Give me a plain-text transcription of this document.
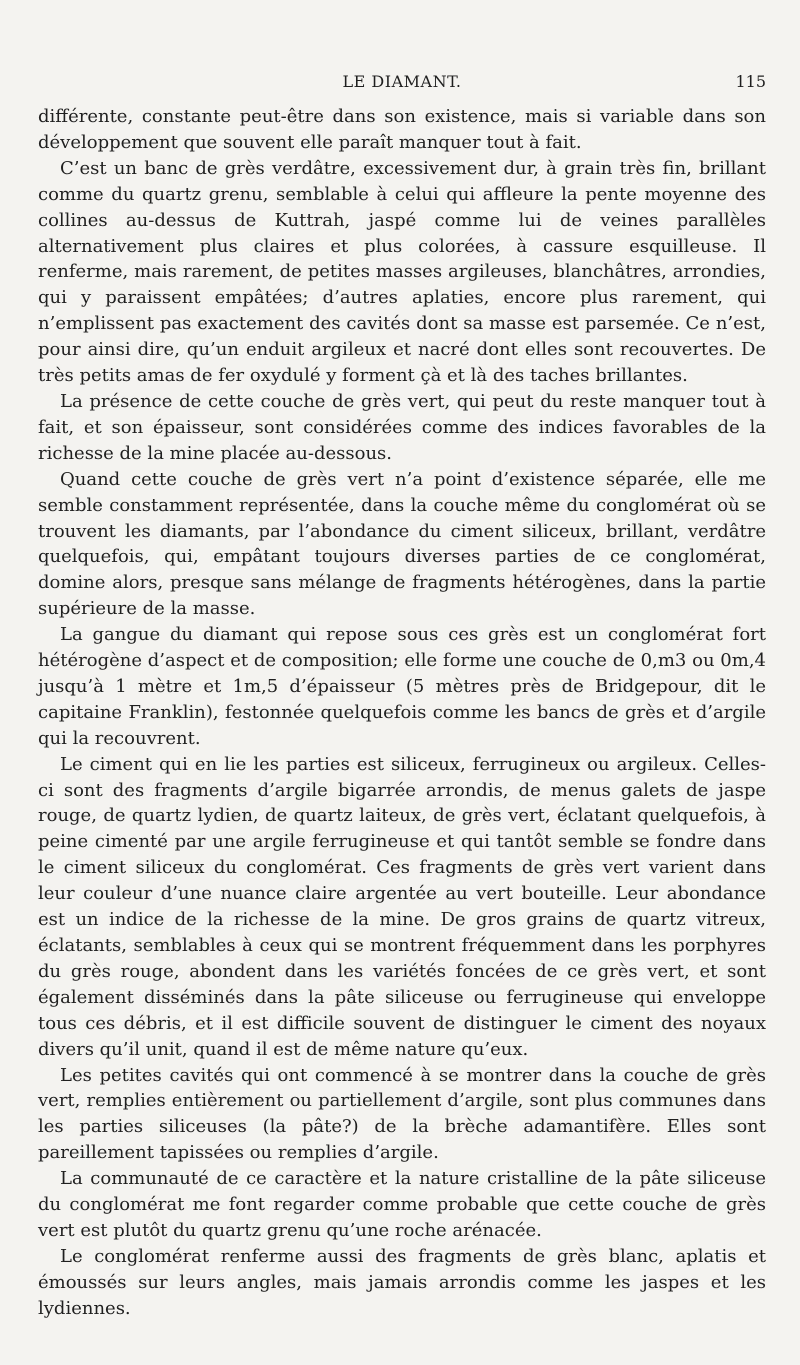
LE DIAMANT.	115

différente, constante peut-être dans son existence, mais si variable dans son développement que souvent elle paraît manquer tout à fait.

C’est un banc de grès verdâtre, excessivement dur, à grain très fin, brillant comme du quartz grenu, semblable à celui qui affleure la pente moyenne des collines au-dessus de Kuttrah, jaspé comme lui de veines parallèles alternativement plus claires et plus colorées, à cassure esquilleuse. Il renferme, mais rarement, de petites masses argileuses, blanchâtres, arrondies, qui y paraissent empâtées; d’autres aplaties, encore plus rarement, qui n’emplissent pas exactement des cavités dont sa masse est parsemée. Ce n’est, pour ainsi dire, qu’un enduit argileux et nacré dont elles sont recouvertes. De très petits amas de fer oxydulé y forment çà et là des taches brillantes.

La présence de cette couche de grès vert, qui peut du reste manquer tout à fait, et son épaisseur, sont considérées comme des indices favorables de la richesse de la mine placée au-dessous.

Quand cette couche de grès vert n’a point d’existence séparée, elle me semble constamment représentée, dans la couche même du conglomérat où se trouvent les diamants, par l’abondance du ciment siliceux, brillant, verdâtre quelquefois, qui, empâtant toujours diverses parties de ce conglomérat, domine alors, presque sans mélange de fragments hétérogènes, dans la partie supérieure de la masse.

La gangue du diamant qui repose sous ces grès est un conglomérat fort hétérogène d’aspect et de composition; elle forme une couche de 0,m3 ou 0m,4 jusqu’à 1 mètre et 1m,5 d’épaisseur (5 mètres près de Bridgepour, dit le capitaine Franklin), festonnée quelquefois comme les bancs de grès et d’argile qui la recouvrent.

Le ciment qui en lie les parties est siliceux, ferrugineux ou argileux. Celles-ci sont des fragments d’argile bigarrée arrondis, de menus galets de jaspe rouge, de quartz lydien, de quartz laiteux, de grès vert, éclatant quelquefois, à peine cimenté par une argile ferrugineuse et qui tantôt semble se fondre dans le ciment siliceux du conglomérat. Ces fragments de grès vert varient dans leur couleur d’une nuance claire argentée au vert bouteille. Leur abondance est un indice de la richesse de la mine. De gros grains de quartz vitreux, éclatants, semblables à ceux qui se montrent fréquemment dans les porphyres du grès rouge, abondent dans les variétés foncées de ce grès vert, et sont également disséminés dans la pâte siliceuse ou ferrugineuse qui enveloppe tous ces débris, et il est difficile souvent de distinguer le ciment des noyaux divers qu’il unit, quand il est de même nature qu’eux.

Les petites cavités qui ont commencé à se montrer dans la couche de grès vert, remplies entièrement ou partiellement d’argile, sont plus communes dans les parties siliceuses (la pâte?) de la brèche adamantifère. Elles sont pareillement tapissées ou remplies d’argile.

La communauté de ce caractère et la nature cristalline de la pâte siliceuse du conglomérat me font regarder comme probable que cette couche de grès vert est plutôt du quartz grenu qu’une roche arénacée.

Le conglomérat renferme aussi des fragments de grès blanc, aplatis et émoussés sur leurs angles, mais jamais arrondis comme les jaspes et les lydiennes.
